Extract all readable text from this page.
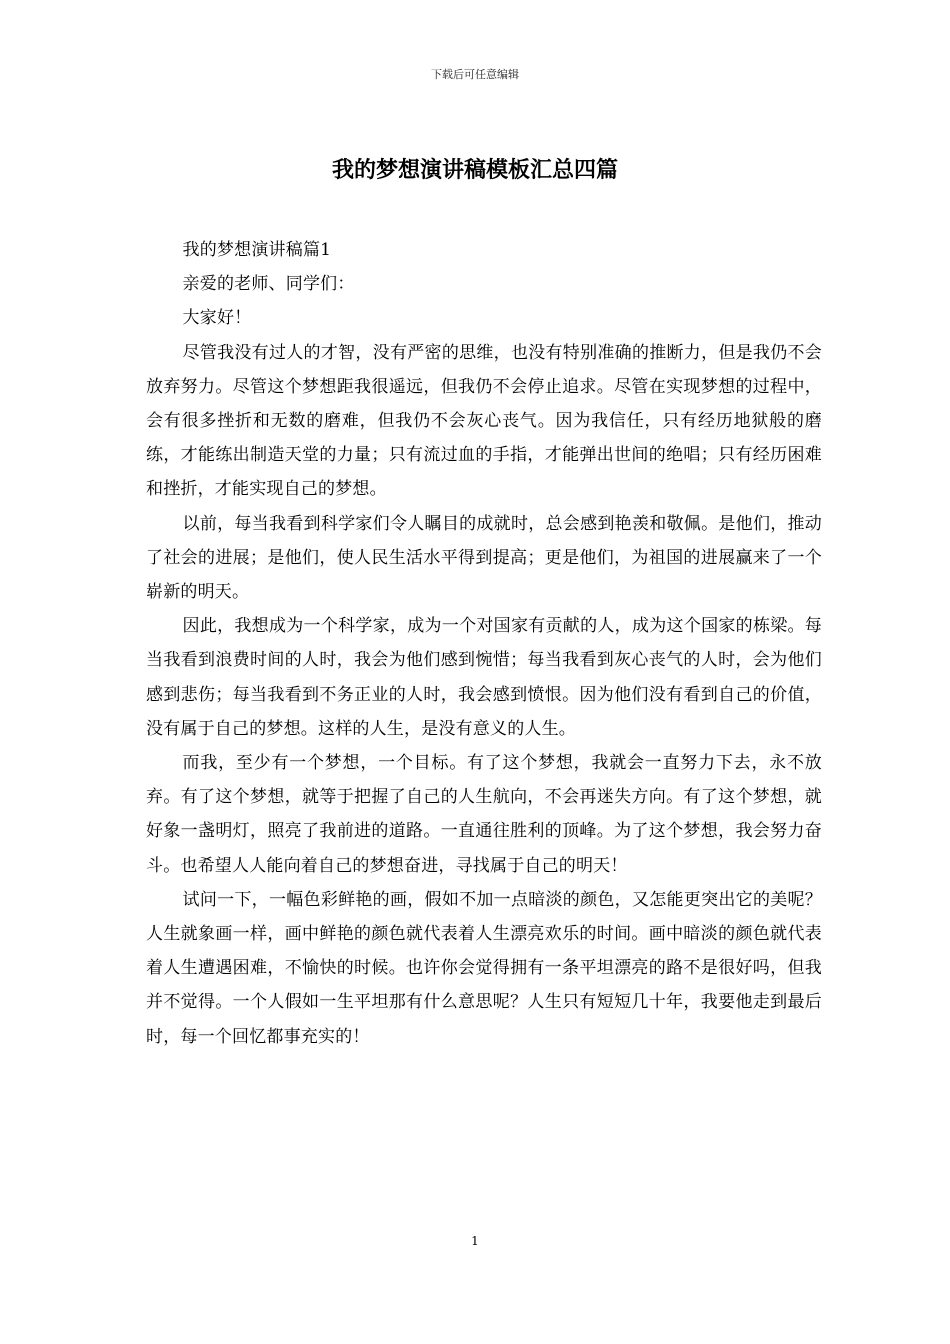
下载后可任意编辑
我的梦想演讲稿模板汇总四篇

我的梦想演讲稿篇1

亲爱的老师、同学们：

大家好！

尽管我没有过人的才智，没有严密的思维，也没有特别准确的推断力，但是我仍不会放弃努力。尽管这个梦想距我很遥远，但我仍不会停止追求。尽管在实现梦想的过程中，会有很多挫折和无数的磨难，但我仍不会灰心丧气。因为我信任，只有经历地狱般的磨练，才能练出制造天堂的力量；只有流过血的手指，才能弹出世间的绝唱；只有经历困难和挫折，才能实现自己的梦想。

以前，每当我看到科学家们令人瞩目的成就时，总会感到艳羡和敬佩。是他们，推动了社会的进展；是他们，使人民生活水平得到提高；更是他们，为祖国的进展赢来了一个崭新的明天。

因此，我想成为一个科学家，成为一个对国家有贡献的人，成为这个国家的栋梁。每当我看到浪费时间的人时，我会为他们感到惋惜；每当我看到灰心丧气的人时，会为他们感到悲伤；每当我看到不务正业的人时，我会感到愤恨。因为他们没有看到自己的价值，没有属于自己的梦想。这样的人生，是没有意义的人生。

而我，至少有一个梦想，一个目标。有了这个梦想，我就会一直努力下去，永不放弃。有了这个梦想，就等于把握了自己的人生航向，不会再迷失方向。有了这个梦想，就好象一盏明灯，照亮了我前进的道路。一直通往胜利的顶峰。为了这个梦想，我会努力奋斗。也希望人人能向着自己的梦想奋进，寻找属于自己的明天！

试问一下，一幅色彩鲜艳的画，假如不加一点暗淡的颜色，又怎能更突出它的美呢？人生就象画一样，画中鲜艳的颜色就代表着人生漂亮欢乐的时间。画中暗淡的颜色就代表着人生遭遇困难，不愉快的时候。也许你会觉得拥有一条平坦漂亮的路不是很好吗，但我并不觉得。一个人假如一生平坦那有什么意思呢？人生只有短短几十年，我要他走到最后时，每一个回忆都事充实的！

1
